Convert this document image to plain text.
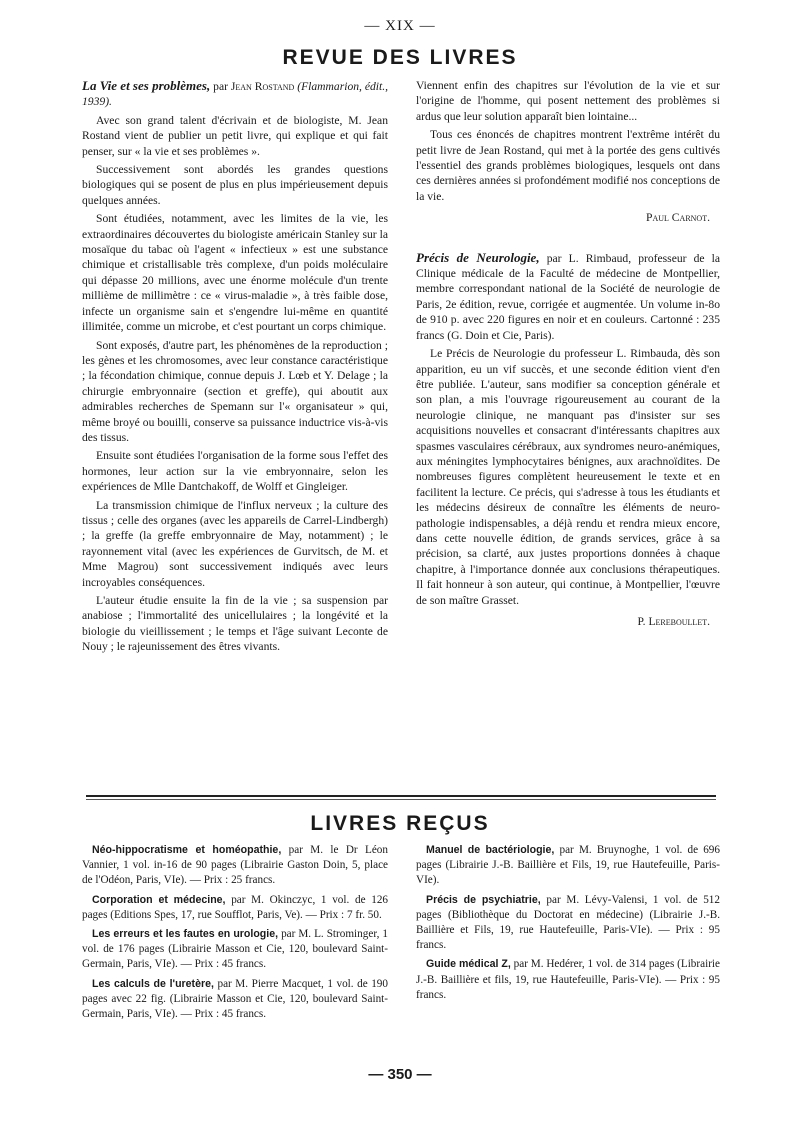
— XIX —
REVUE DES LIVRES

La Vie et ses problèmes, par Jean Rostand (Flammarion, édit., 1939).

Avec son grand talent d'écrivain et de biologiste, M. Jean Rostand vient de publier un petit livre, qui explique et qui fait penser, sur « la vie et ses problèmes ».

Successivement sont abordés les grandes questions biologiques qui se posent de plus en plus impérieusement depuis quelques années.

Sont étudiées, notamment, avec les limites de la vie, les extraordinaires découvertes du biologiste américain Stanley sur la mosaïque du tabac où l'agent « infectieux » est une substance chimique et cristallisable très complexe, d'un poids moléculaire qui dépasse 20 millions, avec une énorme molécule d'un trente millième de millimètre : ce « virus-maladie », à très faible dose, infecte un organisme sain et s'engendre lui-même en quantité illimitée, comme un microbe, et c'est pourtant un corps chimique.

Sont exposés, d'autre part, les phénomènes de la reproduction ; les gènes et les chromosomes, avec leur constance caractéristique ; la fécondation chimique, connue depuis J. Lœb et Y. Delage ; la chirurgie embryonnaire (section et greffe), qui aboutit aux admirables recherches de Spemann sur l'« organisateur » qui, même broyé ou bouilli, conserve sa puissance inductrice vis-à-vis des tissus.

Ensuite sont étudiées l'organisation de la forme sous l'effet des hormones, leur action sur la vie embryonnaire, selon les expériences de Mlle Dantchakoff, de Wolff et Gingleiger.

La transmission chimique de l'influx nerveux ; la culture des tissus ; celle des organes (avec les appareils de Carrel-Lindbergh) ; la greffe (la greffe embryonnaire de May, notamment) ; le rayonnement vital (avec les expériences de Gurvitsch, de M. et Mme Magrou) sont successivement indiqués avec leurs incroyables conséquences.

L'auteur étudie ensuite la fin de la vie ; sa suspension par anabiose ; l'immortalité des unicellulaires ; la longévité et la biologie du vieillissement ; le temps et l'âge suivant Leconte de Nouy ; le rajeunissement des êtres vivants.

Viennent enfin des chapitres sur l'évolution de la vie et sur l'origine de l'homme, qui posent nettement des problèmes si ardus que leur solution apparaît bien lointaine...

Tous ces énoncés de chapitres montrent l'extrême intérêt du petit livre de Jean Rostand, qui met à la portée des gens cultivés l'essentiel des grands problèmes biologiques, lesquels ont dans ces dernières années si profondément modifié nos conceptions de la vie.

Paul Carnot.

Précis de Neurologie, par L. Rimbaud, professeur de la Clinique médicale de la Faculté de médecine de Montpellier, membre correspondant national de la Société de neurologie de Paris, 2e édition, revue, corrigée et augmentée. Un volume in-8o de 910 p. avec 220 figures en noir et en couleurs. Cartonné : 235 francs (G. Doin et Cie, Paris).

Le Précis de Neurologie du professeur L. Rimbauda, dès son apparition, eu un vif succès, et une seconde édition vient d'en être publiée. L'auteur, sans modifier sa conception générale et son plan, a mis l'ouvrage rigoureusement au courant de la neurologie clinique, ne manquant pas d'insister sur ses acquisitions nouvelles et consacrant d'intéressants chapitres aux spasmes vasculaires cérébraux, aux syndromes neuro-anémiques, aux méningites lymphocytaires bénignes, aux arachnoïdites. De nombreuses figures complètent heureusement le texte et en facilitent la lecture. Ce précis, qui s'adresse à tous les étudiants et les médecins désireux de connaître les éléments de neuro-pathologie indispensables, a déjà rendu et rendra mieux encore, dans cette nouvelle édition, de grands services, grâce à sa précision, sa clarté, aux justes proportions données à chaque chapitre, à l'importance donnée aux conclusions thérapeutiques. Il fait honneur à son auteur, qui continue, à Montpellier, l'œuvre de son maître Grasset.

P. Lereboullet.
LIVRES REÇUS

Néo-hippocratisme et homéopathie, par M. le Dr Léon Vannier, 1 vol. in-16 de 90 pages (Librairie Gaston Doin, 5, place de l'Odéon, Paris, VIe). — Prix : 25 francs.

Corporation et médecine, par M. Okinczyc, 1 vol. de 126 pages (Editions Spes, 17, rue Soufflot, Paris, Ve). — Prix : 7 fr. 50.

Les erreurs et les fautes en urologie, par M. L. Strominger, 1 vol. de 176 pages (Librairie Masson et Cie, 120, boulevard Saint-Germain, Paris, VIe). — Prix : 45 francs.

Les calculs de l'uretère, par M. Pierre Macquet, 1 vol. de 190 pages avec 22 fig. (Librairie Masson et Cie, 120, boulevard Saint-Germain, Paris, VIe). — Prix : 45 francs.

Manuel de bactériologie, par M. Bruynoghe, 1 vol. de 696 pages (Librairie J.-B. Baillière et Fils, 19, rue Hautefeuille, Paris-VIe).

Précis de psychiatrie, par M. Lévy-Valensi, 1 vol. de 512 pages (Bibliothèque du Doctorat en médecine) (Librairie J.-B. Baillière et Fils, 19, rue Hautefeuille, Paris-VIe). — Prix : 95 francs.

Guide médical Z, par M. Hedérer, 1 vol. de 314 pages (Librairie J.-B. Baillière et fils, 19, rue Hautefeuille, Paris-VIe). — Prix : 95 francs.

— 350 —
